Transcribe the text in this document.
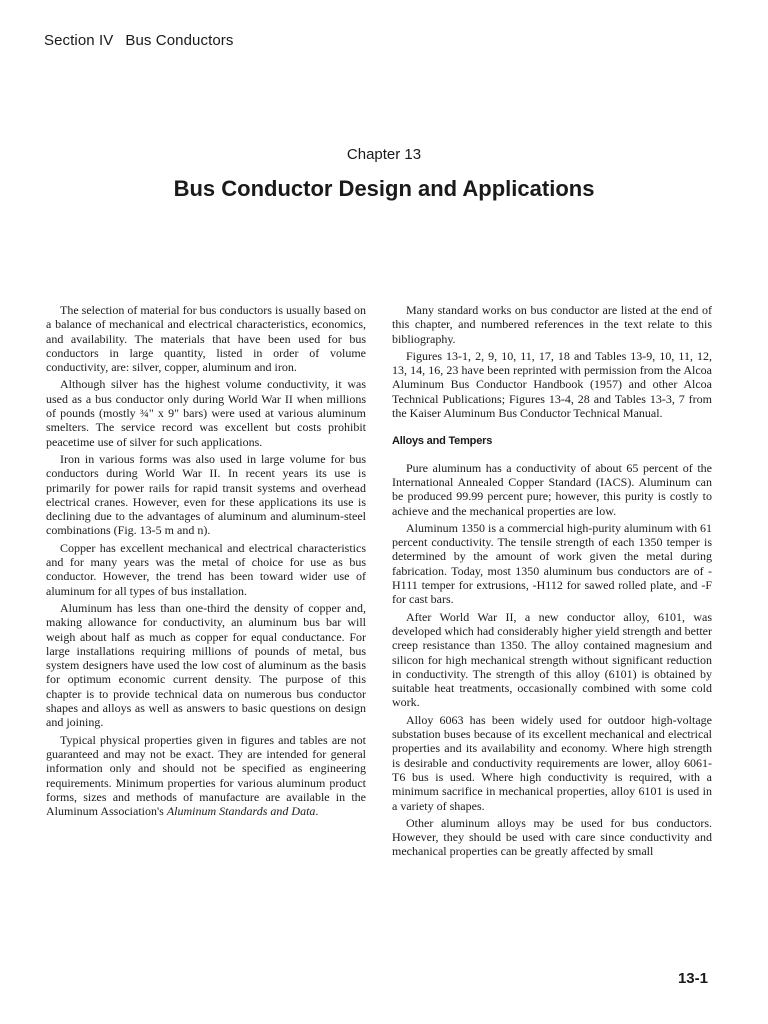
Section IV Bus Conductors
Chapter 13
Bus Conductor Design and Applications

The selection of material for bus conductors is usually based on a balance of mechanical and electrical characteristics, economics, and availability. The materials that have been used for bus conductors in large quantity, listed in order of volume conductivity, are: silver, copper, aluminum and iron.

Although silver has the highest volume conductivity, it was used as a bus conductor only during World War II when millions of pounds (mostly ¾" x 9" bars) were used at various aluminum smelters. The service record was excellent but costs prohibit peacetime use of silver for such applications.

Iron in various forms was also used in large volume for bus conductors during World War II. In recent years its use is primarily for power rails for rapid transit systems and overhead electrical cranes. However, even for these applications its use is declining due to the advantages of aluminum and aluminum-steel combinations (Fig. 13-5 m and n).

Copper has excellent mechanical and electrical characteristics and for many years was the metal of choice for use as bus conductor. However, the trend has been toward wider use of aluminum for all types of bus installation.

Aluminum has less than one-third the density of copper and, making allowance for conductivity, an aluminum bus bar will weigh about half as much as copper for equal conductance. For large installations requiring millions of pounds of metal, bus system designers have used the low cost of aluminum as the basis for optimum economic current density. The purpose of this chapter is to provide technical data on numerous bus conductor shapes and alloys as well as answers to basic questions on design and joining.

Typical physical properties given in figures and tables are not guaranteed and may not be exact. They are intended for general information only and should not be specified as engineering requirements. Minimum properties for various aluminum product forms, sizes and methods of manufacture are available in the Aluminum Association's Aluminum Standards and Data.

Many standard works on bus conductor are listed at the end of this chapter, and numbered references in the text relate to this bibliography.

Figures 13-1, 2, 9, 10, 11, 17, 18 and Tables 13-9, 10, 11, 12, 13, 14, 16, 23 have been reprinted with permission from the Alcoa Aluminum Bus Conductor Handbook (1957) and other Alcoa Technical Publications; Figures 13-4, 28 and Tables 13-3, 7 from the Kaiser Aluminum Bus Conductor Technical Manual.

Alloys and Tempers

Pure aluminum has a conductivity of about 65 percent of the International Annealed Copper Standard (IACS). Aluminum can be produced 99.99 percent pure; however, this purity is costly to achieve and the mechanical properties are low.

Aluminum 1350 is a commercial high-purity aluminum with 61 percent conductivity. The tensile strength of each 1350 temper is determined by the amount of work given the metal during fabrication. Today, most 1350 aluminum bus conductors are of -H111 temper for extrusions, -H112 for sawed rolled plate, and -F for cast bars.

After World War II, a new conductor alloy, 6101, was developed which had considerably higher yield strength and better creep resistance than 1350. The alloy contained magnesium and silicon for high mechanical strength without significant reduction in conductivity. The strength of this alloy (6101) is obtained by suitable heat treatments, occasionally combined with some cold work.

Alloy 6063 has been widely used for outdoor high-voltage substation buses because of its excellent mechanical and electrical properties and its availability and economy. Where high strength is desirable and conductivity requirements are lower, alloy 6061-T6 bus is used. Where high conductivity is required, with a minimum sacrifice in mechanical properties, alloy 6101 is used in a variety of shapes.

Other aluminum alloys may be used for bus conductors. However, they should be used with care since conductivity and mechanical properties can be greatly affected by small

13-1
